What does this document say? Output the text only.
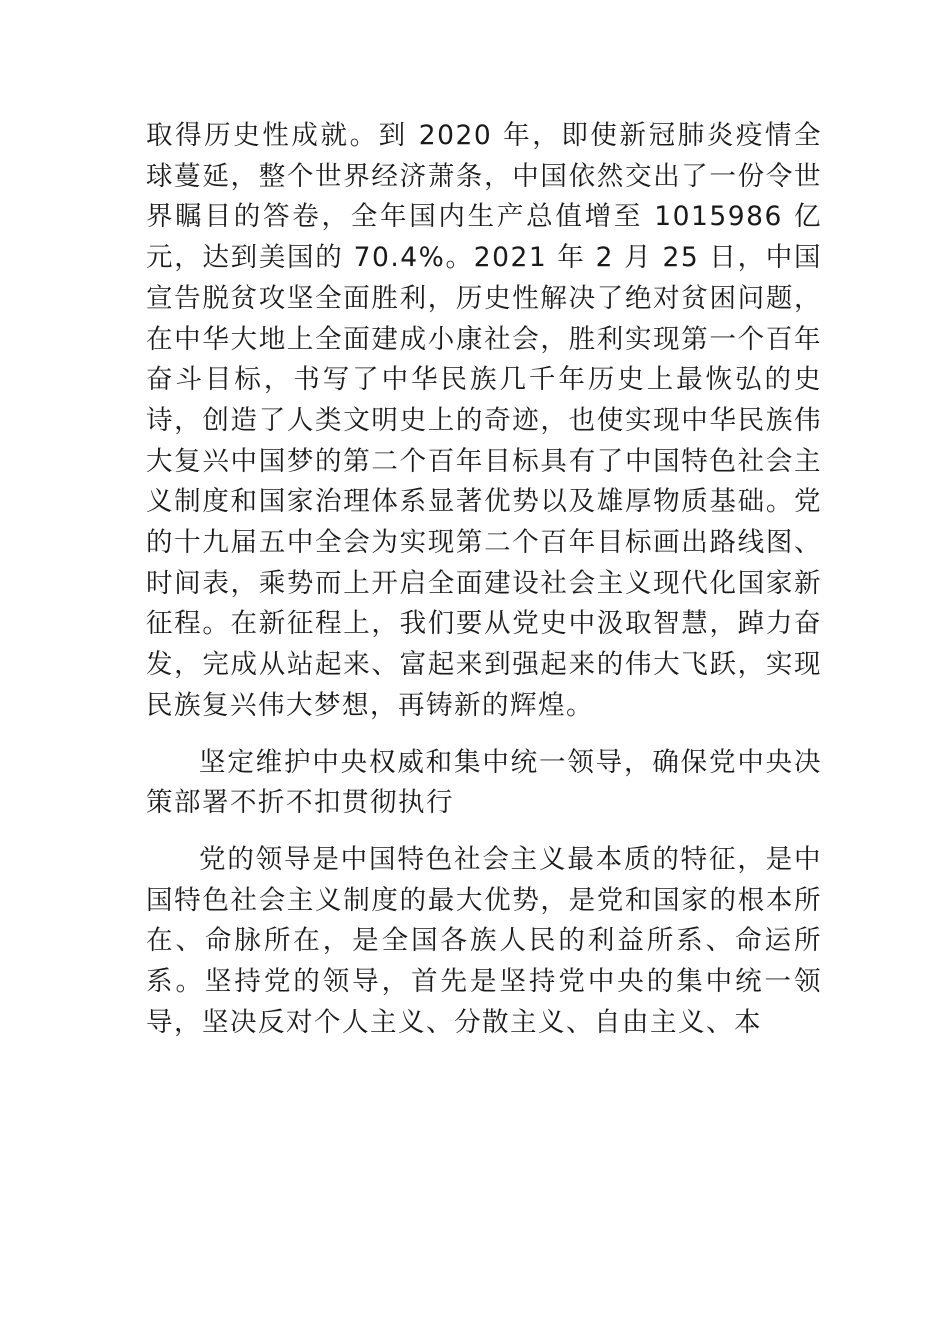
取得历史性成就。到 2020 年，即使新冠肺炎疫情全球蔓延，整个世界经济萧条，中国依然交出了一份令世界瞩目的答卷，全年国内生产总值增至 1015986 亿元，达到美国的 70.4%。2021 年 2 月 25 日，中国宣告脱贫攻坚全面胜利，历史性解决了绝对贫困问题，在中华大地上全面建成小康社会，胜利实现第一个百年奋斗目标，书写了中华民族几千年历史上最恢弘的史诗，创造了人类文明史上的奇迹，也使实现中华民族伟大复兴中国梦的第二个百年目标具有了中国特色社会主义制度和国家治理体系显著优势以及雄厚物质基础。党的十九届五中全会为实现第二个百年目标画出路线图、时间表，乘势而上开启全面建设社会主义现代化国家新征程。在新征程上，我们要从党史中汲取智慧，踔力奋发，完成从站起来、富起来到强起来的伟大飞跃，实现民族复兴伟大梦想，再铸新的辉煌。

坚定维护中央权威和集中统一领导，确保党中央决策部署不折不扣贯彻执行

党的领导是中国特色社会主义最本质的特征，是中国特色社会主义制度的最大优势，是党和国家的根本所在、命脉所在，是全国各族人民的利益所系、命运所系。坚持党的领导，首先是坚持党中央的集中统一领导，坚决反对个人主义、分散主义、自由主义、本
